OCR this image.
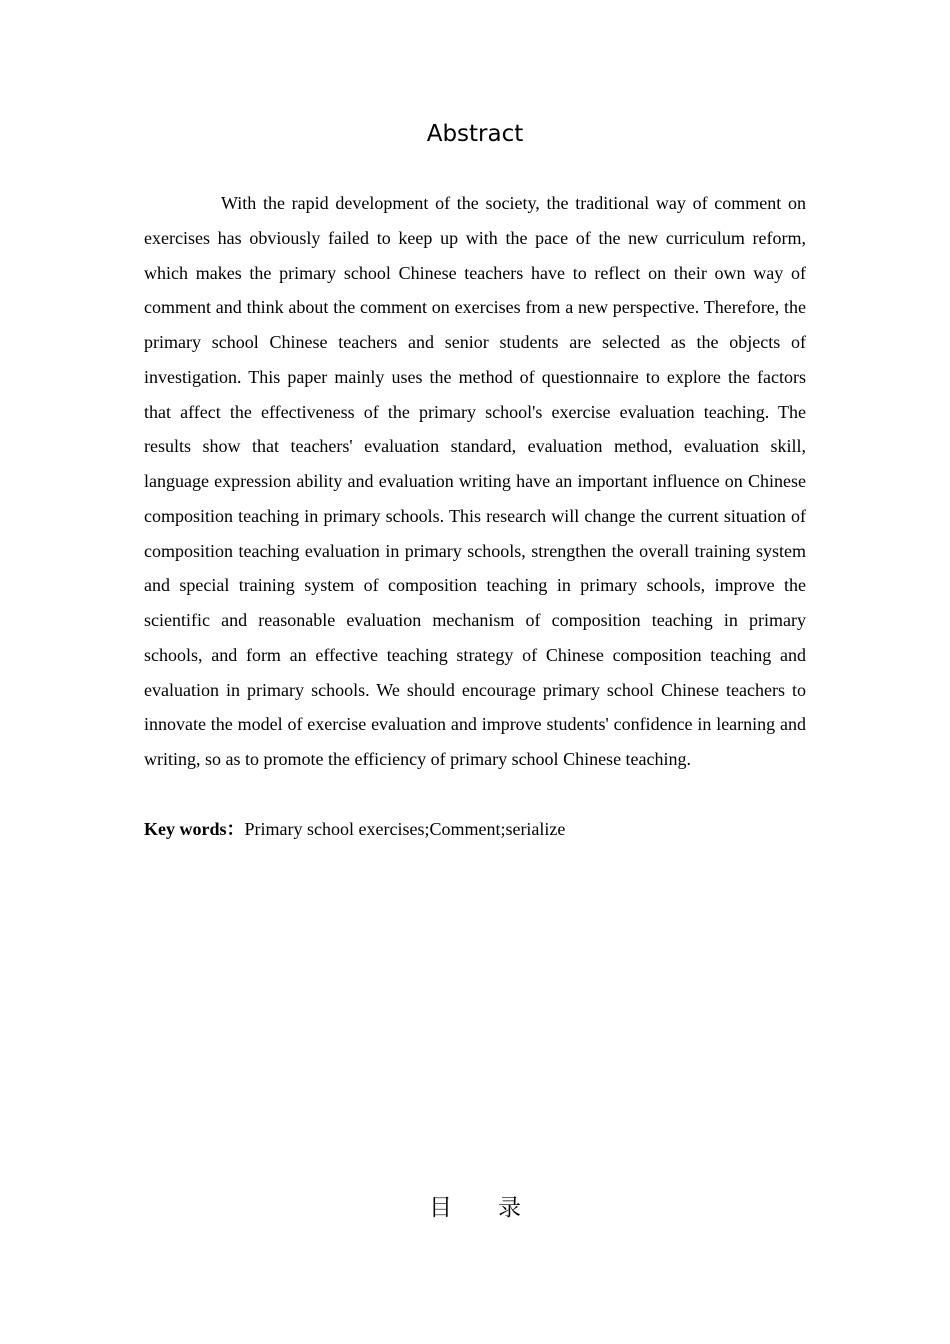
Abstract

With the rapid development of the society, the traditional way of comment on exercises has obviously failed to keep up with the pace of the new curriculum reform, which makes the primary school Chinese teachers have to reflect on their own way of comment and think about the comment on exercises from a new perspective. Therefore, the primary school Chinese teachers and senior students are selected as the objects of investigation. This paper mainly uses the method of questionnaire to explore the factors that affect the effectiveness of the primary school's exercise evaluation teaching. The results show that teachers' evaluation standard, evaluation method, evaluation skill, language expression ability and evaluation writing have an important influence on Chinese composition teaching in primary schools. This research will change the current situation of composition teaching evaluation in primary schools, strengthen the overall training system and special training system of composition teaching in primary schools, improve the scientific and reasonable evaluation mechanism of composition teaching in primary schools, and form an effective teaching strategy of Chinese composition teaching and evaluation in primary schools. We should encourage primary school Chinese teachers to innovate the model of exercise evaluation and improve students' confidence in learning and writing, so as to promote the efficiency of primary school Chinese teaching.

Key words：Primary school exercises;Comment;serialize

目 录
